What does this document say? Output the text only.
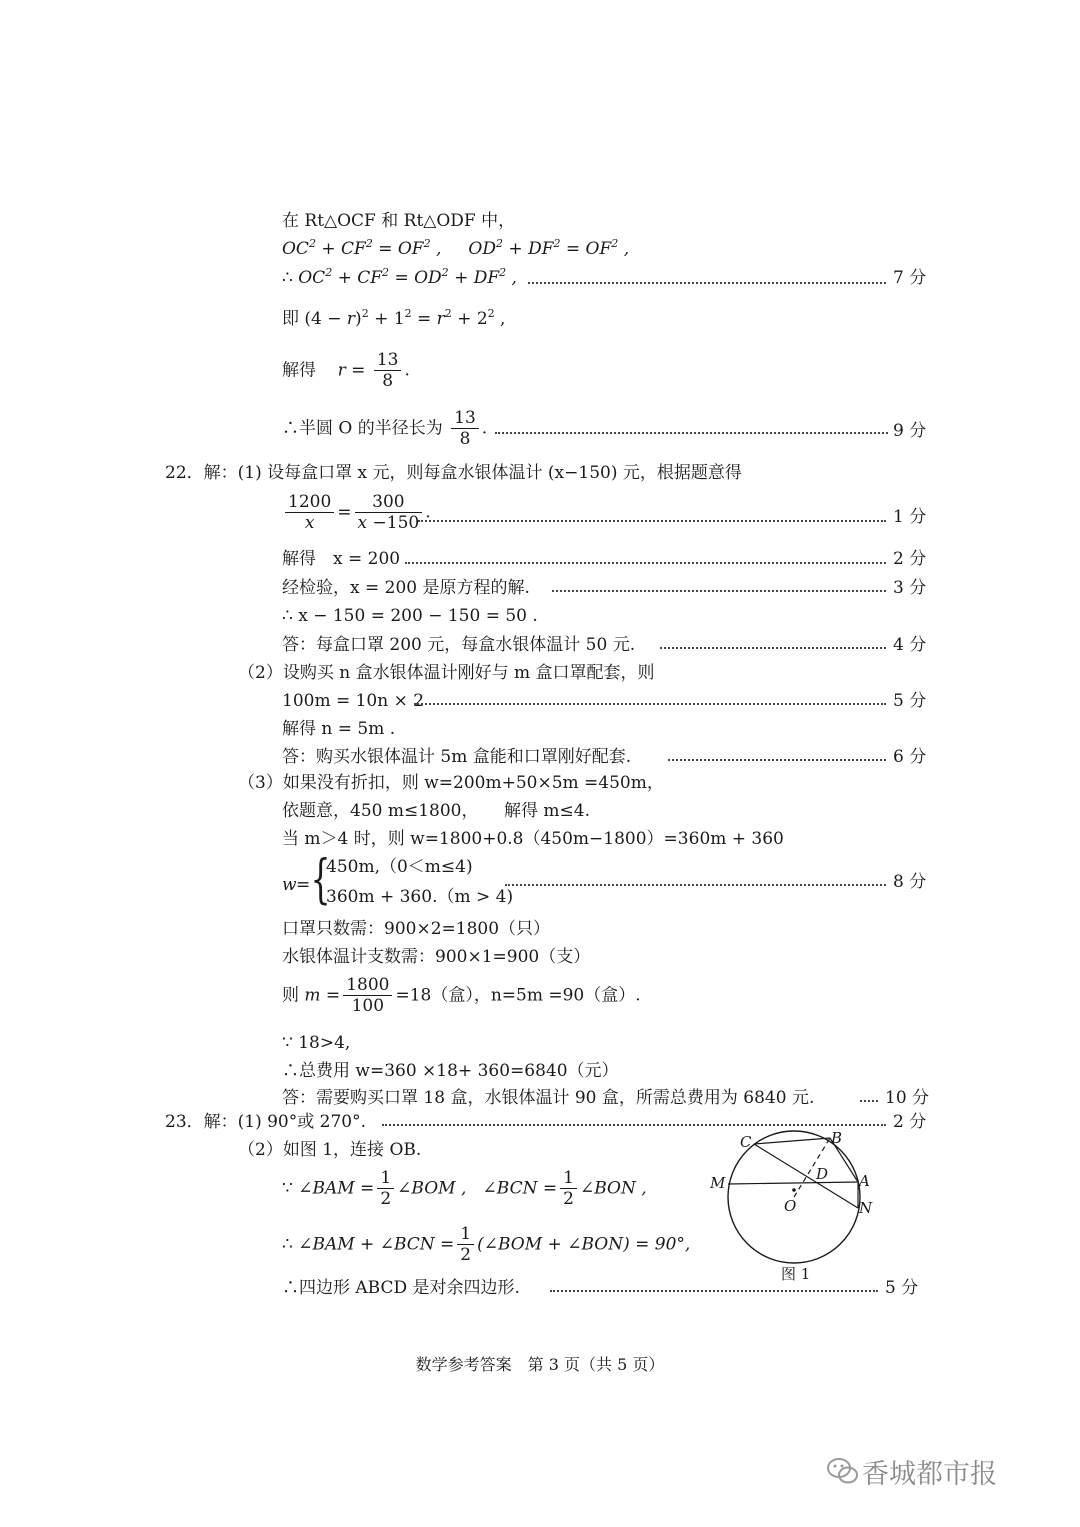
在 Rt△OCF 和 Rt△ODF 中，
$OC^2 + CF^2 = OF^2$ ,     $OD^2 + DF^2 = OF^2$ ,
∴ $OC^2 + CF^2 = OD^2 + DF^2$ ,	7 分
即 $(4 - r)^2 + 1^2 = r^2 + 2^2$ ,
解得 $r = \frac{13}{8}$ .
∴半圆 O 的半径长为 $\frac{13}{8}$ .	9 分
22．解：(1) 设每盒口罩 x 元，则每盒水银体温计 (x−150) 元，根据题意得
$\frac{1200}{x} = \frac{300}{x -150}$ .	1 分
解得　x = 200	2 分
经检验，x = 200 是原方程的解.	3 分
∴ x − 150 = 200 − 150 = 50 .
答：每盒口罩 200 元，每盒水银体温计 50 元.	4 分
（2）设购买 n 盒水银体温计刚好与 m 盒口罩配套，则
100m = 10n × 2	5 分
解得 n = 5m .
答：购买水银体温计 5m 盒能和口罩刚好配套.	6 分
（3）如果没有折扣，则 w=200m+50×5m =450m，
依题意，450 m≤1800，　　解得 m≤4.
当 m＞4 时，则 w=1800+0.8（450m−1800）=360m + 360
w = {
450m,（0＜m≤4)
360m + 360.（m > 4)
8 分
口罩只数需：900×2=1800（只）
水银体温计支数需：900×1=900（支）
则 $m = \frac{1800}{100} =18$（盒），n=5m =90（盒）.
∵ 18>4,
∴总费用 w=360 ×18+ 360=6840（元）
答：需要购买口罩 18 盒，水银体温计 90 盒，所需总费用为 6840 元.	10 分
23．解：(1) 90°或 270°.	2 分
（2）如图 1，连接 OB.
∵ ∠BAM = $\frac{1}{2}$ ∠BOM ,   ∠BCN = $\frac{1}{2}$ ∠BON ,
∴ ∠BAM + ∠BCN = $\frac{1}{2}$ (∠BOM + ∠BON) = 90°,
∴四边形 ABCD 是对余四边形.	5 分
C	B
D
M	A
O	N
图 1
数学参考答案　第 3 页（共 5 页）
香城都市报
